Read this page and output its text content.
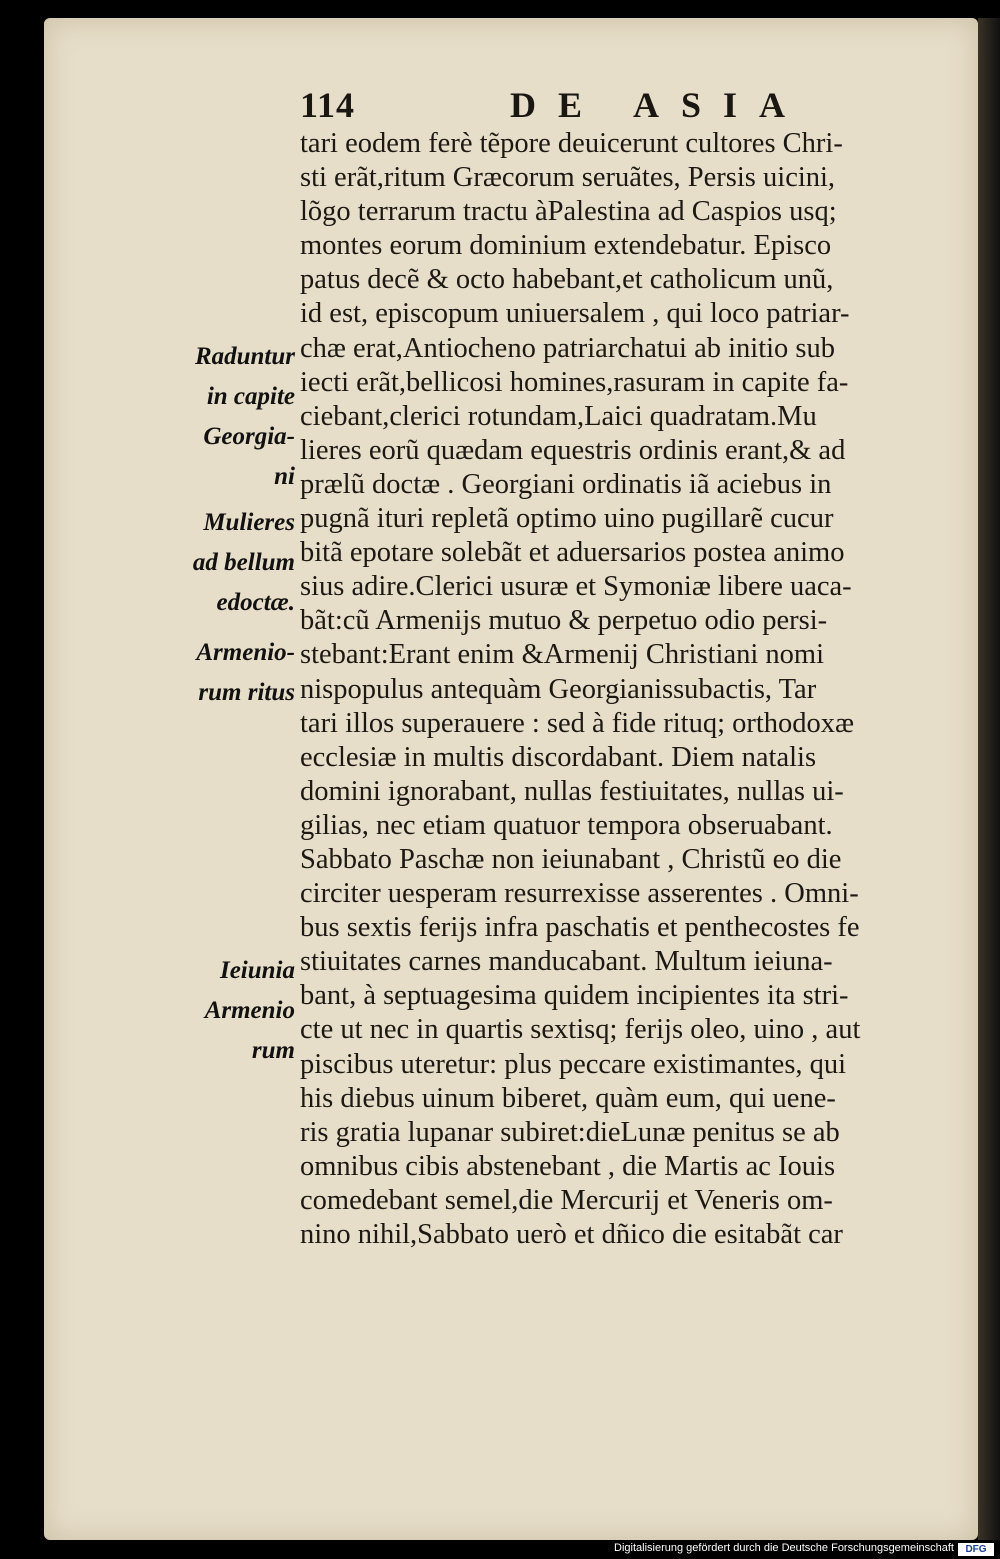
114	DE ASIA
tari eodem ferè tẽpore deuicerunt cultores Chri-
sti erãt,ritum Græcorum seruãtes, Persis uicini,
lõgo terrarum tractu àPalestina ad Caspios usq;
montes eorum dominium extendebatur. Episco
patus decẽ & octo habebant,et catholicum unũ,
id est, episcopum uniuersalem , qui loco patriar-
chæ erat,Antiocheno patriarchatui ab initio sub
iecti erãt,bellicosi homines,rasuram in capite fa-
ciebant,clerici rotundam,Laici quadratam.Mu
lieres eorũ quædam equestris ordinis erant,& ad
prælũ doctæ . Georgiani ordinatis iã aciebus in
pugnã ituri repletã optimo uino pugillarẽ cucur
bitã epotare solebãt et aduersarios postea animo
sius adire.Clerici usuræ et Symoniæ libere uaca-
bãt:cũ Armenijs mutuo & perpetuo odio persi-
stebant:Erant enim &Armenij Christiani nomi
nispopulus antequàm Georgianissubactis, Tar
tari illos superauere : sed à fide rituq; orthodoxæ
ecclesiæ in multis discordabant. Diem natalis
domini ignorabant, nullas festiuitates, nullas ui-
gilias, nec etiam quatuor tempora obseruabant.
Sabbato Paschæ non ieiunabant , Christũ eo die
circiter uesperam resurrexisse asserentes . Omni-
bus sextis ferijs infra paschatis et penthecostes fe
stiuitates carnes manducabant. Multum ieiuna-
bant, à septuagesima quidem incipientes ita stri-
cte ut nec in quartis sextisq; ferijs oleo, uino , aut
piscibus uteretur: plus peccare existimantes, qui
his diebus uinum biberet, quàm eum, qui uene-
ris gratia lupanar subiret:dieLunæ penitus se ab
omnibus cibis abstenebant , die Martis ac Iouis
comedebant semel,die Mercurij et Veneris om-
nino nihil,Sabbato uerò et dñico die esitabãt car
Raduntur
in capite
Georgia-
ni
Mulieres
ad bellum
edoctæ.
Armenio-
rum ritus
Ieiunia
Armenio
rum
Digitalisierung gefördert durch die Deutsche Forschungsgemeinschaft	DFG
